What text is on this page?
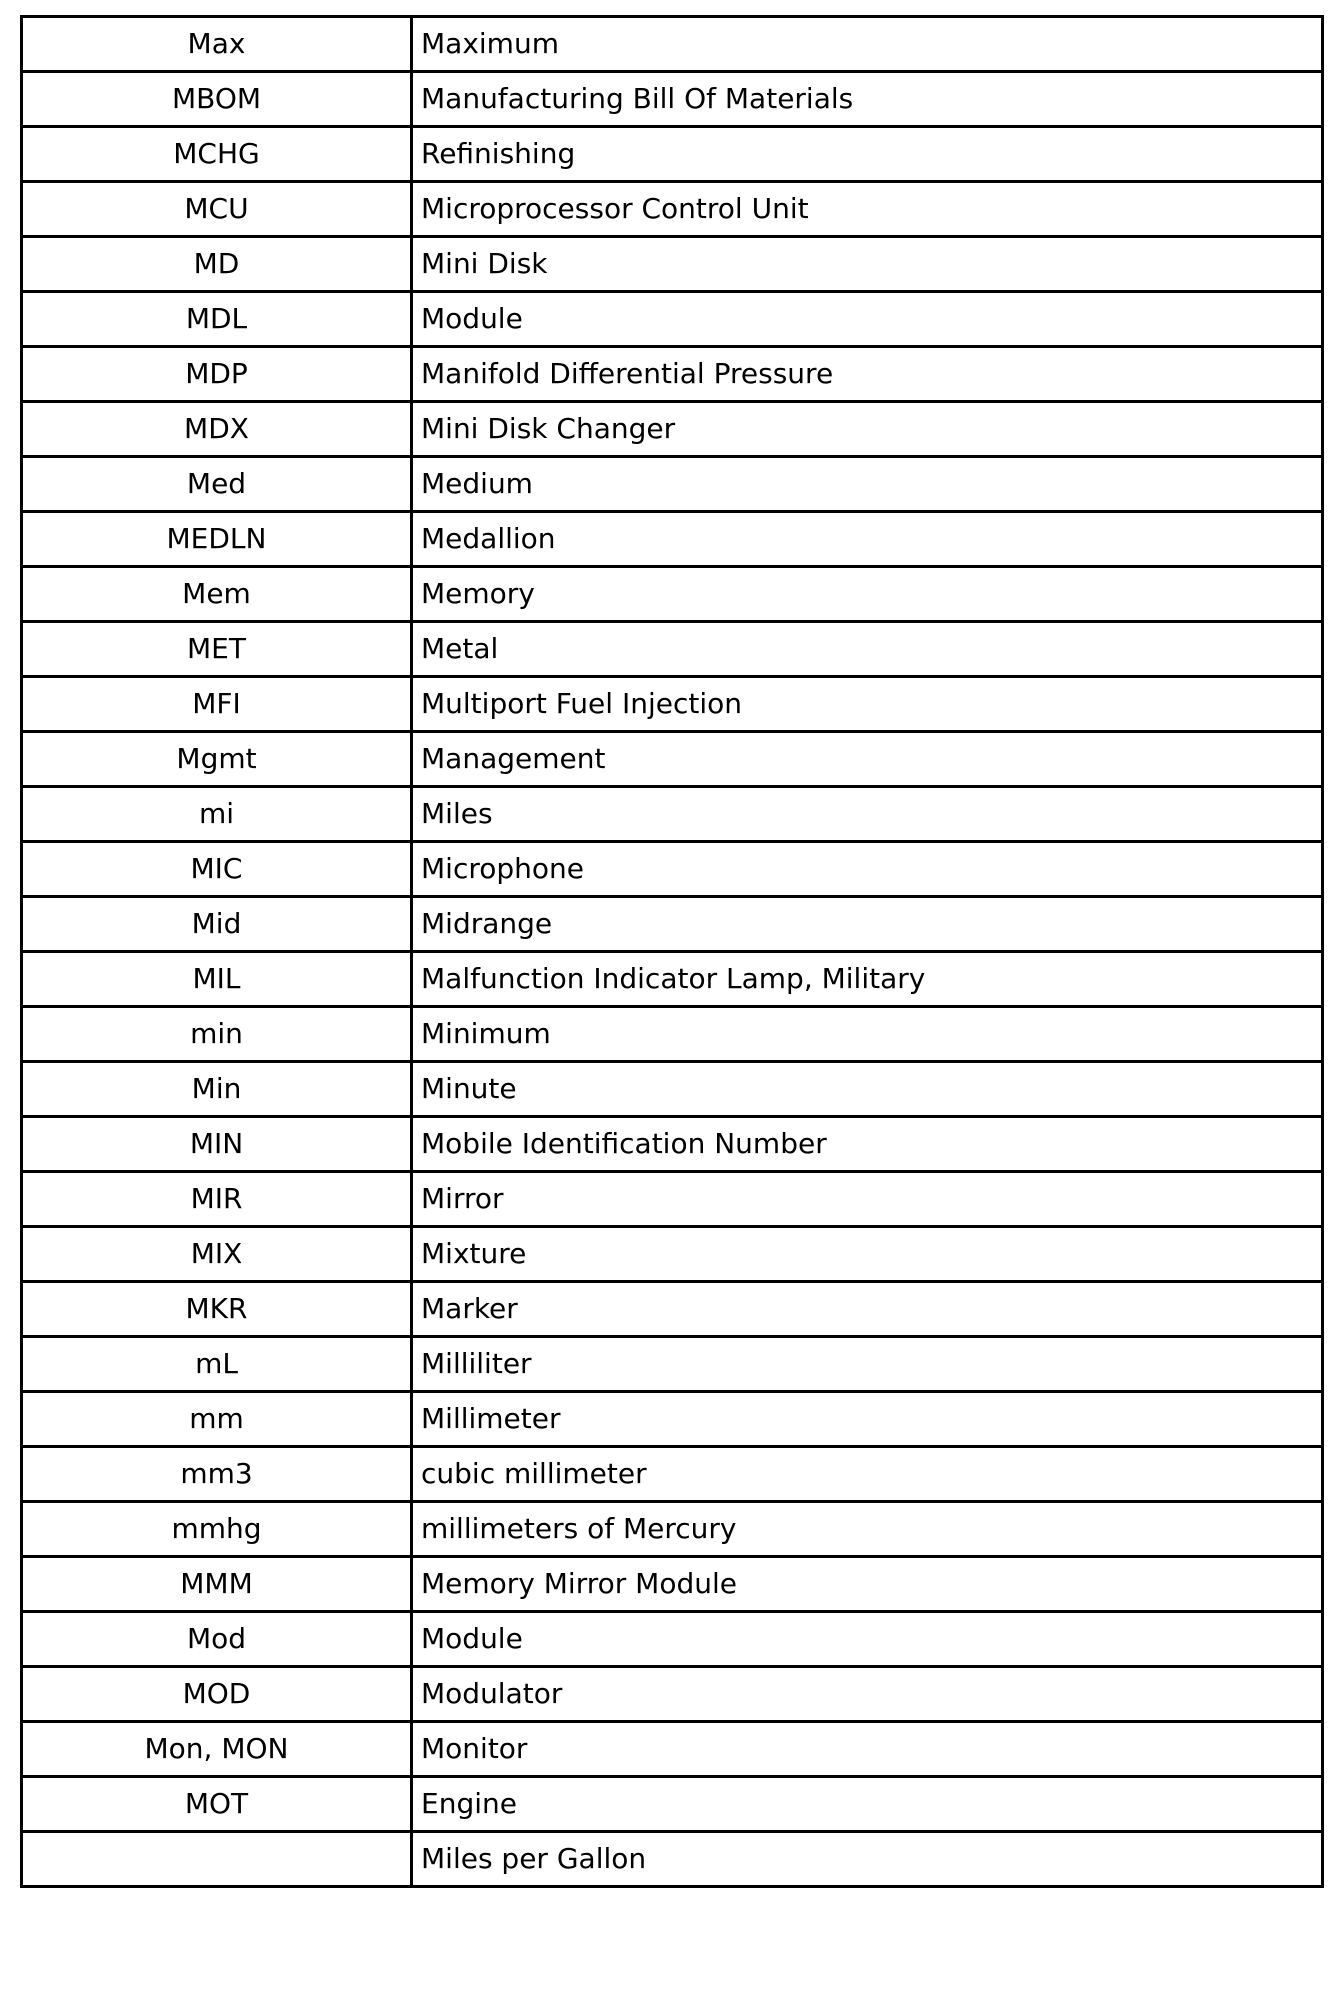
Max	Maximum
MBOM	Manufacturing Bill Of Materials
MCHG	Refinishing
MCU	Microprocessor Control Unit
MD	Mini Disk
MDL	Module
MDP	Manifold Differential Pressure
MDX	Mini Disk Changer
Med	Medium
MEDLN	Medallion
Mem	Memory
MET	Metal
MFI	Multiport Fuel Injection
Mgmt	Management
mi	Miles
MIC	Microphone
Mid	Midrange
MIL	Malfunction Indicator Lamp, Military
min	Minimum
Min	Minute
MIN	Mobile Identification Number
MIR	Mirror
MIX	Mixture
MKR	Marker
mL	Milliliter
mm	Millimeter
mm3	cubic millimeter
mmhg	millimeters of Mercury
MMM	Memory Mirror Module
Mod	Module
MOD	Modulator
Mon, MON	Monitor
MOT	Engine
	Miles per Gallon
